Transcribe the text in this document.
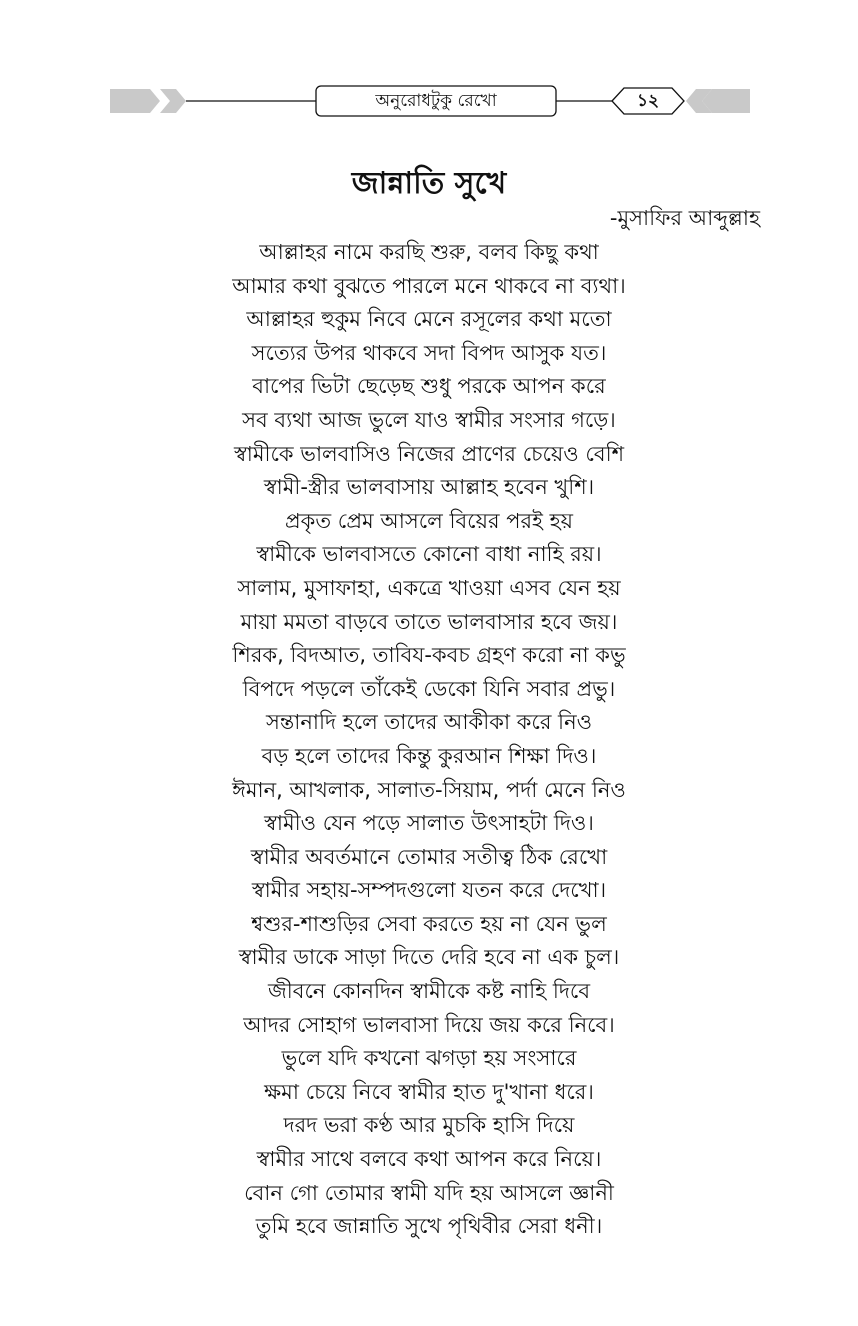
অনুরোধটুকু রেখো	১২
জান্নাতি সুখে
-মুসাফির আব্দুল্লাহ
আল্লাহর নামে করছি শুরু, বলব কিছু কথা
আমার কথা বুঝতে পারলে মনে থাকবে না ব্যথা।
আল্লাহর হুকুম নিবে মেনে রসূলের কথা মতো
সত্যের উপর থাকবে সদা বিপদ আসুক যত।
বাপের ভিটা ছেড়েছ শুধু পরকে আপন করে
সব ব্যথা আজ ভুলে যাও স্বামীর সংসার গড়ে।
স্বামীকে ভালবাসিও নিজের প্রাণের চেয়েও বেশি
স্বামী-স্ত্রীর ভালবাসায় আল্লাহ হবেন খুশি।
প্রকৃত প্রেম আসলে বিয়ের পরই হয়
স্বামীকে ভালবাসতে কোনো বাধা নাহি রয়।
সালাম, মুসাফাহা, একত্রে খাওয়া এসব যেন হয়
মায়া মমতা বাড়বে তাতে ভালবাসার হবে জয়।
শিরক, বিদআত, তাবিয-কবচ গ্রহণ করো না কভু
বিপদে পড়লে তাঁকেই ডেকো যিনি সবার প্রভু।
সন্তানাদি হলে তাদের আকীকা করে নিও
বড় হলে তাদের কিন্তু কুরআন শিক্ষা দিও।
ঈমান, আখলাক, সালাত-সিয়াম, পর্দা মেনে নিও
স্বামীও যেন পড়ে সালাত উৎসাহটা দিও।
স্বামীর অবর্তমানে তোমার সতীত্ব ঠিক রেখো
স্বামীর সহায়-সম্পদগুলো যতন করে দেখো।
শ্বশুর-শাশুড়ির সেবা করতে হয় না যেন ভুল
স্বামীর ডাকে সাড়া দিতে দেরি হবে না এক চুল।
জীবনে কোনদিন স্বামীকে কষ্ট নাহি দিবে
আদর সোহাগ ভালবাসা দিয়ে জয় করে নিবে।
ভুলে যদি কখনো ঝগড়া হয় সংসারে
ক্ষমা চেয়ে নিবে স্বামীর হাত দু'খানা ধরে।
দরদ ভরা কণ্ঠ আর মুচকি হাসি দিয়ে
স্বামীর সাথে বলবে কথা আপন করে নিয়ে।
বোন গো তোমার স্বামী যদি হয় আসলে জ্ঞানী
তুমি হবে জান্নাতি সুখে পৃথিবীর সেরা ধনী।
